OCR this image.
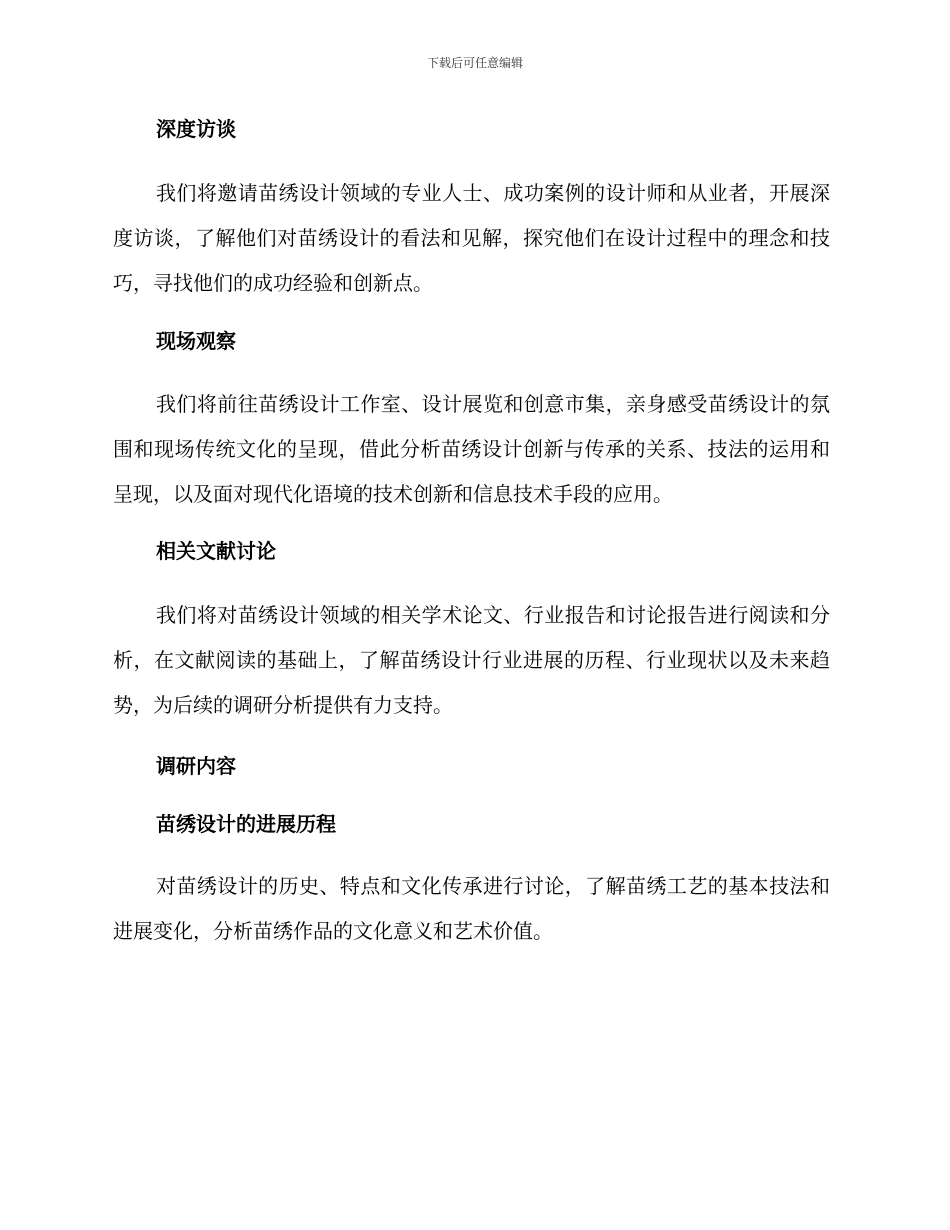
下载后可任意编辑
深度访谈

我们将邀请苗绣设计领域的专业人士、成功案例的设计师和从业者，开展深度访谈，了解他们对苗绣设计的看法和见解，探究他们在设计过程中的理念和技巧，寻找他们的成功经验和创新点。

现场观察

我们将前往苗绣设计工作室、设计展览和创意市集，亲身感受苗绣设计的氛围和现场传统文化的呈现，借此分析苗绣设计创新与传承的关系、技法的运用和呈现，以及面对现代化语境的技术创新和信息技术手段的应用。

相关文献讨论

我们将对苗绣设计领域的相关学术论文、行业报告和讨论报告进行阅读和分析，在文献阅读的基础上，了解苗绣设计行业进展的历程、行业现状以及未来趋势，为后续的调研分析提供有力支持。

调研内容
苗绣设计的进展历程

对苗绣设计的历史、特点和文化传承进行讨论，了解苗绣工艺的基本技法和进展变化，分析苗绣作品的文化意义和艺术价值。
